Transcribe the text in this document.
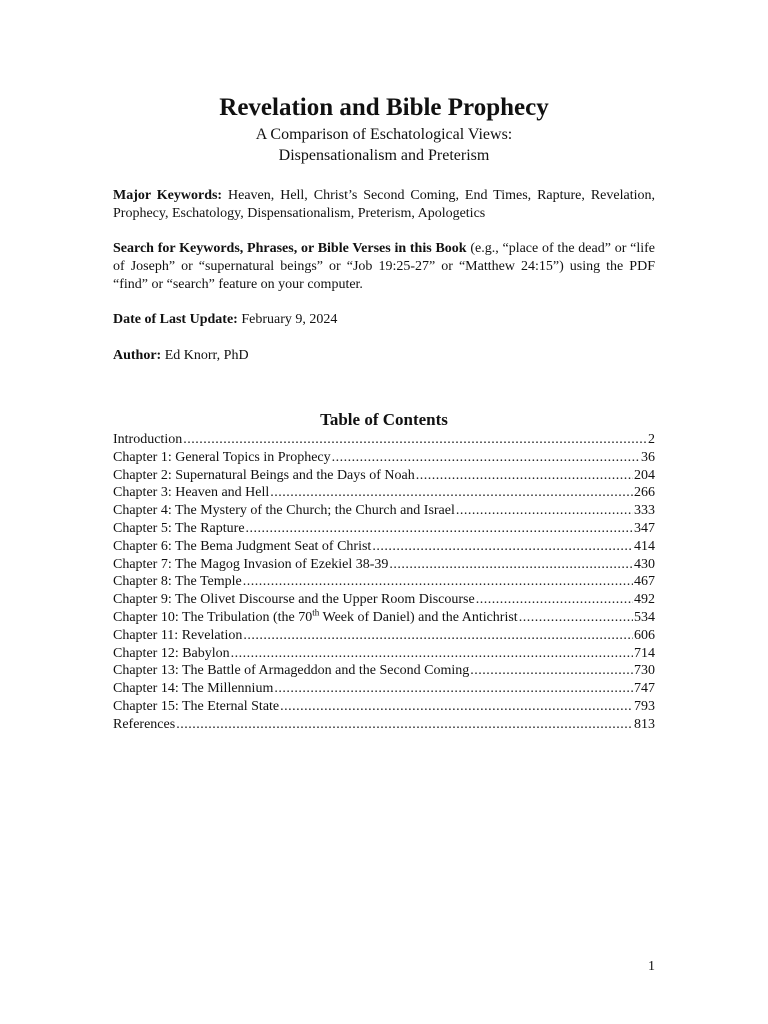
Revelation and Bible Prophecy

A Comparison of Eschatological Views:

Dispensationalism and Preterism

Major Keywords: Heaven, Hell, Christ’s Second Coming, End Times, Rapture, Revelation, Prophecy, Eschatology, Dispensationalism, Preterism, Apologetics

Search for Keywords, Phrases, or Bible Verses in this Book (e.g., “place of the dead” or “life of Joseph” or “supernatural beings” or “Job 19:25-27” or “Matthew 24:15”) using the PDF “find” or “search” feature on your computer.

Date of Last Update: February 9, 2024

Author: Ed Knorr, PhD

Table of Contents
Introduction .....	2
Chapter 1: General Topics in Prophecy .....	36
Chapter 2: Supernatural Beings and the Days of Noah .....	204
Chapter 3: Heaven and Hell .....	266
Chapter 4: The Mystery of the Church; the Church and Israel .....	333
Chapter 5: The Rapture .....	347
Chapter 6: The Bema Judgment Seat of Christ .....	414
Chapter 7: The Magog Invasion of Ezekiel 38-39 .....	430
Chapter 8: The Temple .....	467
Chapter 9: The Olivet Discourse and the Upper Room Discourse .....	492
Chapter 10: The Tribulation (the 70th Week of Daniel) and the Antichrist .....	534
Chapter 11: Revelation .....	606
Chapter 12: Babylon .....	714
Chapter 13: The Battle of Armageddon and the Second Coming .....	730
Chapter 14: The Millennium .....	747
Chapter 15: The Eternal State .....	793
References .....	813
1
